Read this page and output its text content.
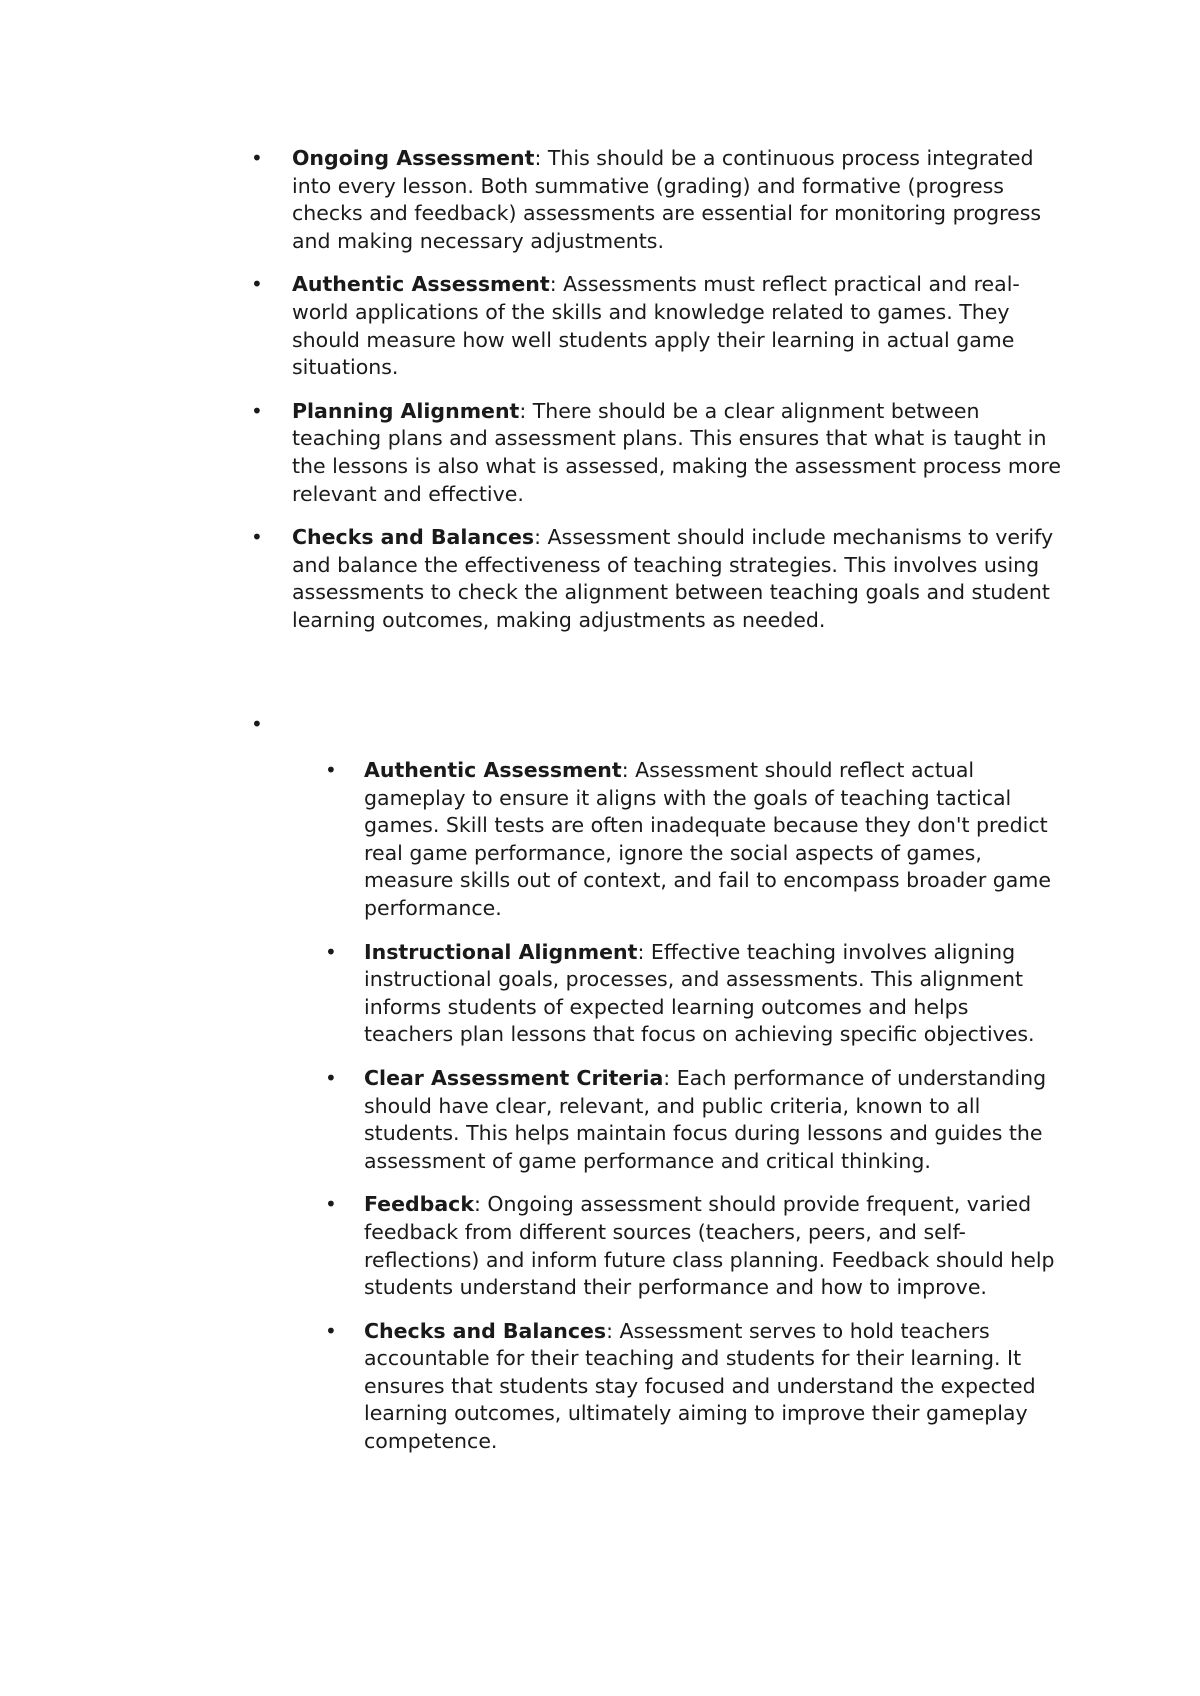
• Ongoing Assessment: This should be a continuous process integrated into every lesson. Both summative (grading) and formative (progress checks and feedback) assessments are essential for monitoring progress and making necessary adjustments.
• Authentic Assessment: Assessments must reflect practical and real-world applications of the skills and knowledge related to games. They should measure how well students apply their learning in actual game situations.
• Planning Alignment: There should be a clear alignment between teaching plans and assessment plans. This ensures that what is taught in the lessons is also what is assessed, making the assessment process more relevant and effective.
• Checks and Balances: Assessment should include mechanisms to verify and balance the effectiveness of teaching strategies. This involves using assessments to check the alignment between teaching goals and student learning outcomes, making adjustments as needed.
•
• Authentic Assessment: Assessment should reflect actual gameplay to ensure it aligns with the goals of teaching tactical games. Skill tests are often inadequate because they don't predict real game performance, ignore the social aspects of games, measure skills out of context, and fail to encompass broader game performance.
• Instructional Alignment: Effective teaching involves aligning instructional goals, processes, and assessments. This alignment informs students of expected learning outcomes and helps teachers plan lessons that focus on achieving specific objectives.
• Clear Assessment Criteria: Each performance of understanding should have clear, relevant, and public criteria, known to all students. This helps maintain focus during lessons and guides the assessment of game performance and critical thinking.
• Feedback: Ongoing assessment should provide frequent, varied feedback from different sources (teachers, peers, and self-reflections) and inform future class planning. Feedback should help students understand their performance and how to improve.
• Checks and Balances: Assessment serves to hold teachers accountable for their teaching and students for their learning. It ensures that students stay focused and understand the expected learning outcomes, ultimately aiming to improve their gameplay competence.
